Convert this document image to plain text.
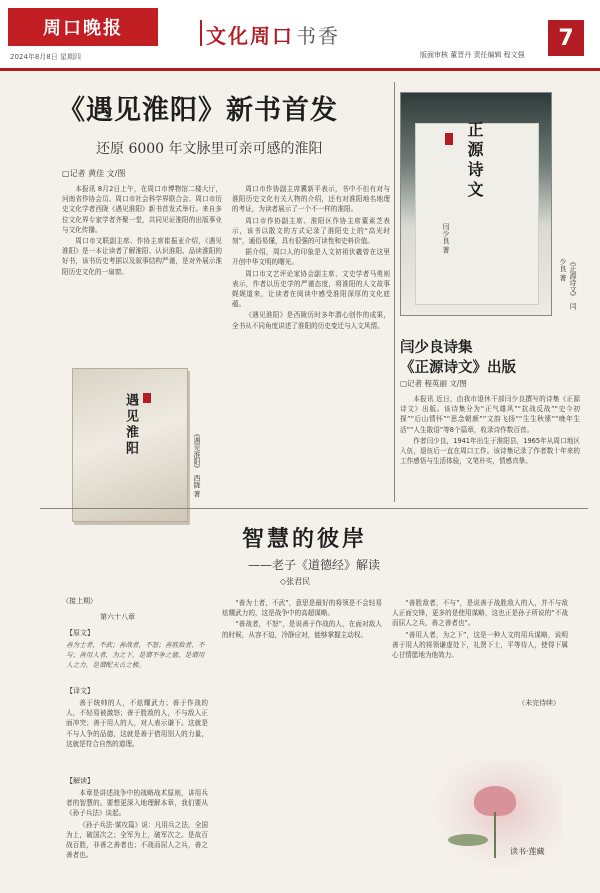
周口晚报
2024年8月8日 星期四
文化周口 书香
版面审核 董晋丹 责任编辑 程文强
7
《遇见淮阳》新书首发
还原 6000 年文脉里可亲可感的淮阳
▢记者 黄佳 文/图

本报讯 8月2日上午，在周口市博物馆二楼大厅，河南省作协会员、周口市社会科学界联合会、周口市历史文化学者西陇《遇见淮阳》新书首发式举行。来自多位文化界专家学者齐聚一堂，共同见证淮阳的出版事业与文化传播。

周口市文联副主席、作协主席崔振亚介绍，《遇见淮阳》是一本让读者了解淮阳、认识淮阳、品读淮阳的好书，该书历史考据以及叙事结构严谨，是对外展示淮阳历史文化的一扇窗。

遇见淮阳
《遇见淮阳》 西陇 著

周口市作协副主席冀新平表示，书中不但有对与淮阳历史文化有关人物的介绍，还有对淮阳地名地理的考证，为读者展示了一个不一样的淮阳。

周口市作协副主席、淮阳区作协主席董素芝表示，该书以散文的方式记录了淮阳史上的“高光时刻”，通俗易懂，具有很强的可读性和史料价值。

据介绍，周口人的印象是人文初祖伏羲曾在这里开创中华文明的曙光。

周口市文艺评论家协会副主席、文史学者马勇则表示，作者以历史学的严谨态度，将淮阳的人文故事娓娓道来，让读者在阅读中感受淮阳深厚的文化底蕴。

《遇见淮阳》是西陇历时多年潜心创作的成果，全书从不同角度讲述了淮阳的历史变迁与人文风情。

正源诗文
闫少良 著
《正源诗文》 闫少良 著
闫少良诗集
《正源诗文》出版
▢记者 程英丽 文/图

本报讯 近日，由我市退休干部闫少良撰写的诗集《正源诗文》出版。该诗集分为“正气雄风”“抗战反战”“史今初探”“后山情怀”“思念朝颜”“文韵飞扬”“生生秋愫”“晚年生活”“人生散语”等8个篇章，收录诗作数百首。

作者闫少良，1941年出生于淮阳县，1965年从周口地区入伍，退伍后一直在周口工作。该诗集记录了作者数十年来的工作感悟与生活体验，文笔朴实，情感真挚。

智慧的彼岸
——老子《道德经》解读
◇张君民
（接上期）
第六十八章
【原文】
善为士者，不武；善战者，不怒；善胜敌者，不与；善用人者，为之下。是谓不争之德，是谓用人之力，是谓配天古之极。
【译文】

善于统帅的人，不炫耀武力；善于作战的人，不轻易被激怒；善于胜敌的人，不与敌人正面冲突；善于用人的人，对人表示谦下。这就是不与人争的品德，这就是善于借用别人的力量，这就是符合自然的道理。

【解读】

本章是讲述战争中的战略战术原则，讲用兵者的智慧的。要想更深入地理解本章，我们要从《孙子兵法》谈起。

《孙子兵法·谋攻篇》说：凡用兵之法，全国为上，破国次之；全军为上，破军次之。是故百战百胜，非善之善者也；不战而屈人之兵，善之善者也。

“善为士者，不武”，意思是最好的将领是不会轻易炫耀武力的，这是战争中的高超谋略。

“善战者，不怒”，是说善于作战的人，在面对敌人的时候，从容不迫，冷静应对，能够掌握主动权。

“善胜敌者，不与”，是说善于战胜敌人的人，并不与敌人正面交锋，更多的是使用谋略，这也正是孙子所说的“不战而屈人之兵，善之善者也”。

“善用人者，为之下”，这是一种人文的用兵谋略，说明善于用人的将领谦虚处下，礼贤下士，平等待人，使得下属心甘情愿地为他效力。

（未完待续）
读书·莲藏
